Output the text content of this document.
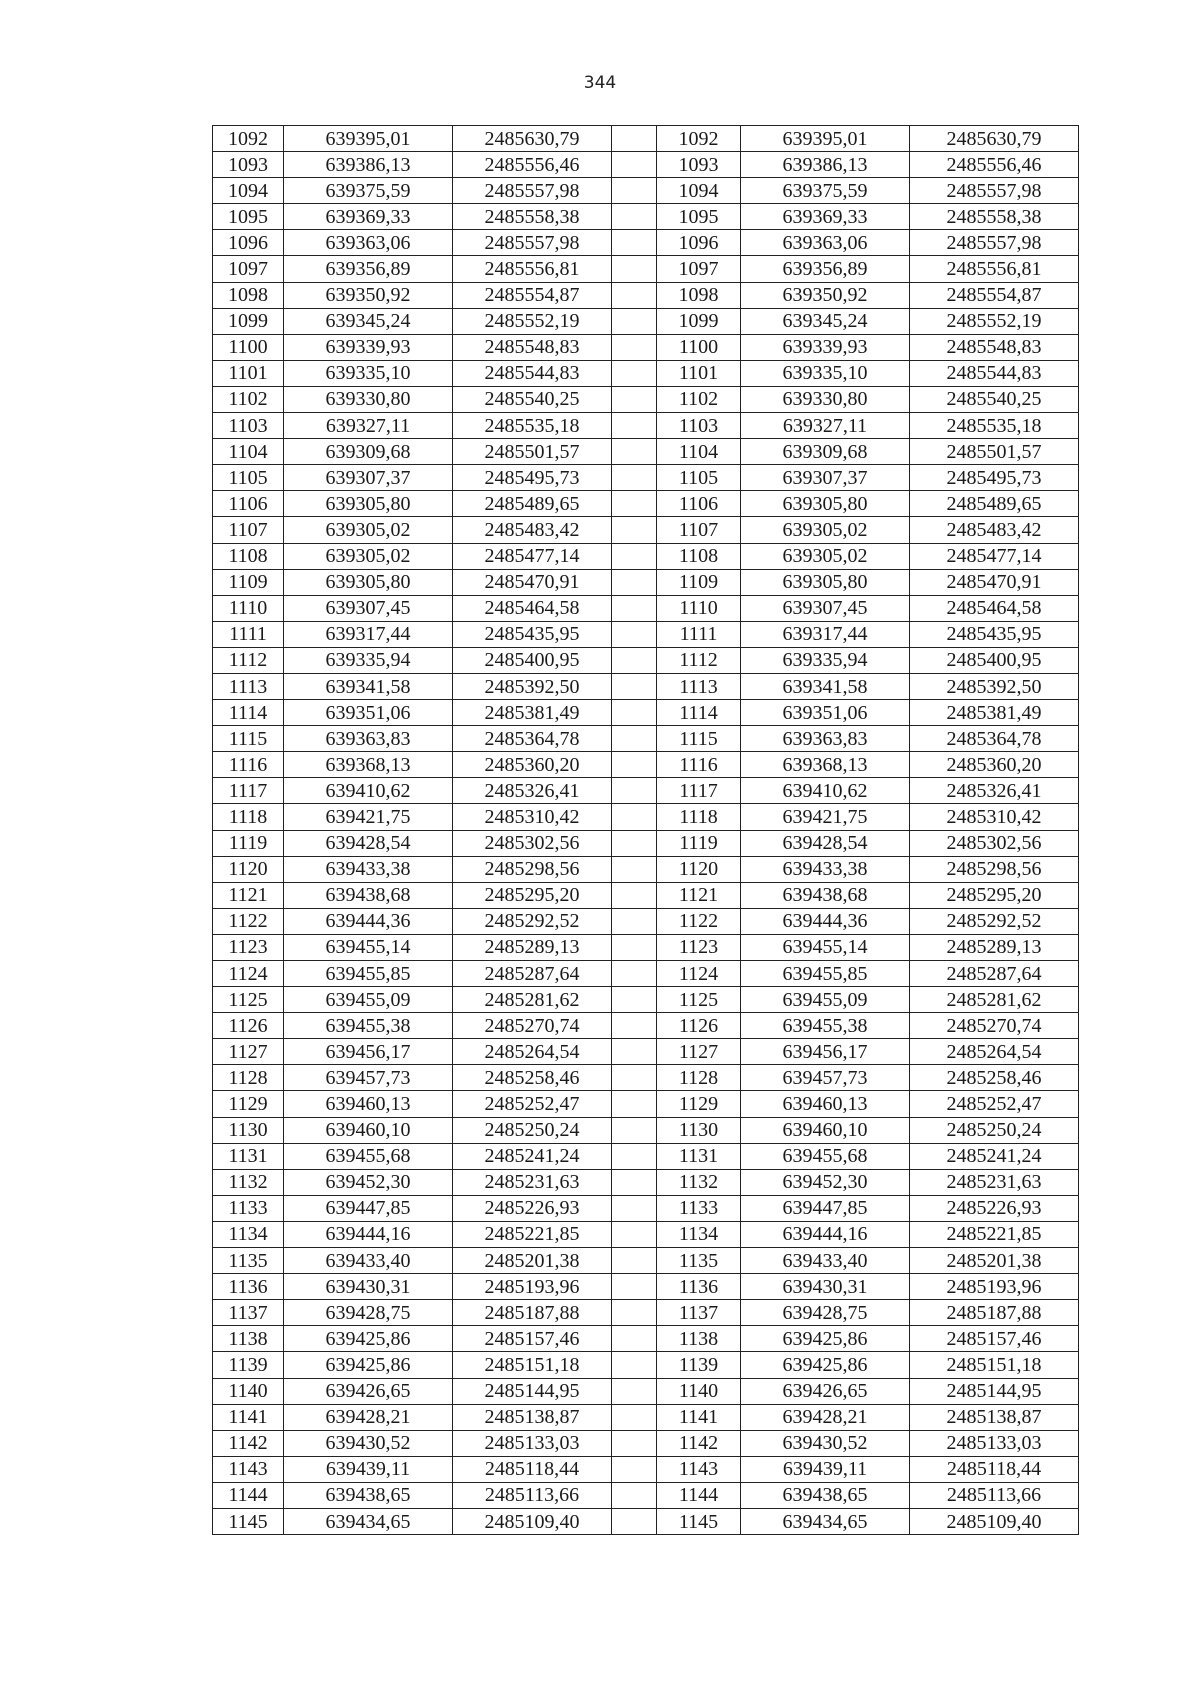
344
1092	639395,01	2485630,79		1092	639395,01	2485630,79
1093	639386,13	2485556,46		1093	639386,13	2485556,46
1094	639375,59	2485557,98		1094	639375,59	2485557,98
1095	639369,33	2485558,38		1095	639369,33	2485558,38
1096	639363,06	2485557,98		1096	639363,06	2485557,98
1097	639356,89	2485556,81		1097	639356,89	2485556,81
1098	639350,92	2485554,87		1098	639350,92	2485554,87
1099	639345,24	2485552,19		1099	639345,24	2485552,19
1100	639339,93	2485548,83		1100	639339,93	2485548,83
1101	639335,10	2485544,83		1101	639335,10	2485544,83
1102	639330,80	2485540,25		1102	639330,80	2485540,25
1103	639327,11	2485535,18		1103	639327,11	2485535,18
1104	639309,68	2485501,57		1104	639309,68	2485501,57
1105	639307,37	2485495,73		1105	639307,37	2485495,73
1106	639305,80	2485489,65		1106	639305,80	2485489,65
1107	639305,02	2485483,42		1107	639305,02	2485483,42
1108	639305,02	2485477,14		1108	639305,02	2485477,14
1109	639305,80	2485470,91		1109	639305,80	2485470,91
1110	639307,45	2485464,58		1110	639307,45	2485464,58
1111	639317,44	2485435,95		1111	639317,44	2485435,95
1112	639335,94	2485400,95		1112	639335,94	2485400,95
1113	639341,58	2485392,50		1113	639341,58	2485392,50
1114	639351,06	2485381,49		1114	639351,06	2485381,49
1115	639363,83	2485364,78		1115	639363,83	2485364,78
1116	639368,13	2485360,20		1116	639368,13	2485360,20
1117	639410,62	2485326,41		1117	639410,62	2485326,41
1118	639421,75	2485310,42		1118	639421,75	2485310,42
1119	639428,54	2485302,56		1119	639428,54	2485302,56
1120	639433,38	2485298,56		1120	639433,38	2485298,56
1121	639438,68	2485295,20		1121	639438,68	2485295,20
1122	639444,36	2485292,52		1122	639444,36	2485292,52
1123	639455,14	2485289,13		1123	639455,14	2485289,13
1124	639455,85	2485287,64		1124	639455,85	2485287,64
1125	639455,09	2485281,62		1125	639455,09	2485281,62
1126	639455,38	2485270,74		1126	639455,38	2485270,74
1127	639456,17	2485264,54		1127	639456,17	2485264,54
1128	639457,73	2485258,46		1128	639457,73	2485258,46
1129	639460,13	2485252,47		1129	639460,13	2485252,47
1130	639460,10	2485250,24		1130	639460,10	2485250,24
1131	639455,68	2485241,24		1131	639455,68	2485241,24
1132	639452,30	2485231,63		1132	639452,30	2485231,63
1133	639447,85	2485226,93		1133	639447,85	2485226,93
1134	639444,16	2485221,85		1134	639444,16	2485221,85
1135	639433,40	2485201,38		1135	639433,40	2485201,38
1136	639430,31	2485193,96		1136	639430,31	2485193,96
1137	639428,75	2485187,88		1137	639428,75	2485187,88
1138	639425,86	2485157,46		1138	639425,86	2485157,46
1139	639425,86	2485151,18		1139	639425,86	2485151,18
1140	639426,65	2485144,95		1140	639426,65	2485144,95
1141	639428,21	2485138,87		1141	639428,21	2485138,87
1142	639430,52	2485133,03		1142	639430,52	2485133,03
1143	639439,11	2485118,44		1143	639439,11	2485118,44
1144	639438,65	2485113,66		1144	639438,65	2485113,66
1145	639434,65	2485109,40		1145	639434,65	2485109,40
